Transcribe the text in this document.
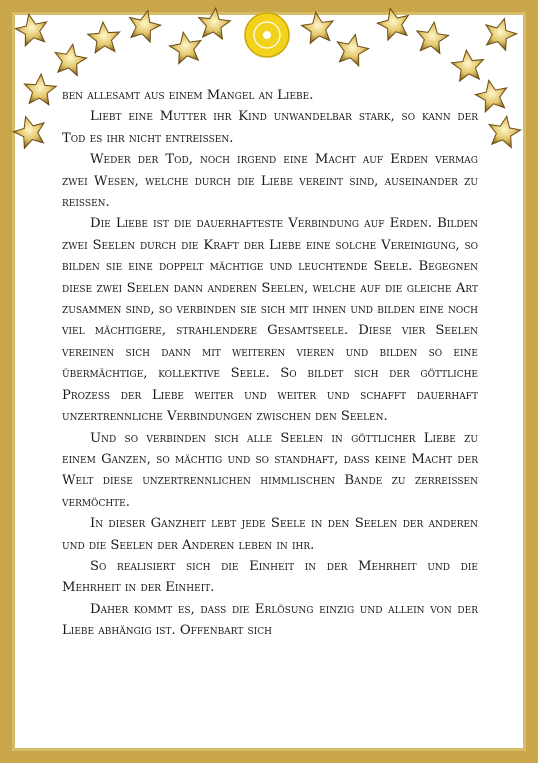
ben allesamt aus einem Mangel an Liebe.

Liebt eine Mutter ihr Kind unwandelbar stark, so kann der Tod es ihr nicht entreissen.

Weder der Tod, noch irgend eine Macht auf Erden vermag zwei Wesen, welche durch die Liebe vereint sind, auseinander zu reissen.

Die Liebe ist die dauerhafteste Verbindung auf Erden. Bilden zwei Seelen durch die Kraft der Liebe eine solche Vereinigung, so bilden sie eine doppelt mächtige und leuchtende Seele. Begegnen diese zwei Seelen dann anderen Seelen, welche auf die gleiche Art zusammen sind, so verbinden sie sich mit ihnen und bilden eine noch viel mächtigere, strahlendere Gesamtseele. Diese vier Seelen vereinen sich dann mit weiteren vieren und bilden so eine übermächtige, kollektive Seele. So bildet sich der göttliche Prozess der Liebe weiter und weiter und schafft dauerhaft unzertrennliche Verbindungen zwischen den Seelen.

Und so verbinden sich alle Seelen in göttlicher Liebe zu einem Ganzen, so mächtig und so standhaft, dass keine Macht der Welt diese unzertrennlichen himmlischen Bande zu zerreissen vermöchte.

In dieser Ganzheit lebt jede Seele in den Seelen der anderen und die Seelen der Anderen leben in ihr.

So realisiert sich die Einheit in der Mehrheit und die Mehrheit in der Einheit.

Daher kommt es, dass die Erlösung einzig und allein von der Liebe abhängig ist. Offenbart sich
